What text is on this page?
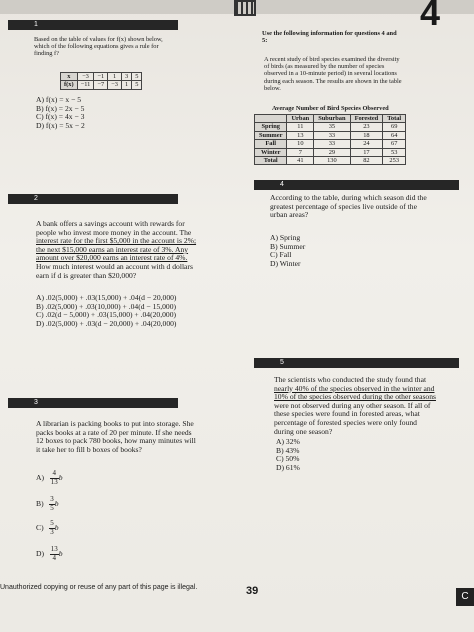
4
1
Based on the table of values for f(x) shown below,
which of the following equations gives a rule for
finding f?
x	−3	−1	1	3	5
f(x)	−11	−7	−3	1	5
A) f(x) = x − 5
B) f(x) = 2x − 5
C) f(x) = 4x − 3
D) f(x) = 5x − 2
Use the following information for questions 4 and
5:
A recent study of bird species examined the diversity
of birds (as measured by the number of species
observed in a 10-minute period) in several locations
during each season. The results are shown in the table
below.
Average Number of Bird Species Observed
	Urban	Suburban	Forested	Total
Spring	11	35	23	69
Summer	13	33	18	64
Fall	10	33	24	67
Winter	7	29	17	53
Total	41	130	82	253
4
According to the table, during which season did the
greatest percentage of species live outside of the
urban areas?
A) Spring
B) Summer
C) Fall
D) Winter
2
A bank offers a savings account with rewards for
people who invest more money in the account. The
interest rate for the first $5,000 in the account is 2%;
the next $15,000 earns an interest rate of 3%. Any
amount over $20,000 earns an interest rate of 4%.
How much interest would an account with d dollars
earn if d is greater than $20,000?
A) .02(5,000) + .03(15,000) + .04(d − 20,000)
B) .02(5,000) + .03(10,000) + .04(d − 15,000)
C) .02(d − 5,000) + .03(15,000) + .04(20,000)
D) .02(5,000) + .03(d − 20,000) + .04(20,000)
5
The scientists who conducted the study found that
nearly 40% of the species observed in the winter and
10% of the species observed during the other seasons
were not observed during any other season. If all of
these species were found in forested areas, what
percentage of forested species were only found
during one season?
A) 32%
B) 43%
C) 50%
D) 61%
3
A librarian is packing books to put into storage. She
packs books at a rate of 20 per minute. If she needs
12 boxes to pack 780 books, how many minutes will
it take her to fill b boxes of books?
$A) \frac{4}{13}$ b
$B) \frac{3}{5}$ b
$C) \frac{5}{3}$ b
$D) \frac{13}{4}$ b
Unauthorized copying or reuse of any part of this page is illegal.	39	C
